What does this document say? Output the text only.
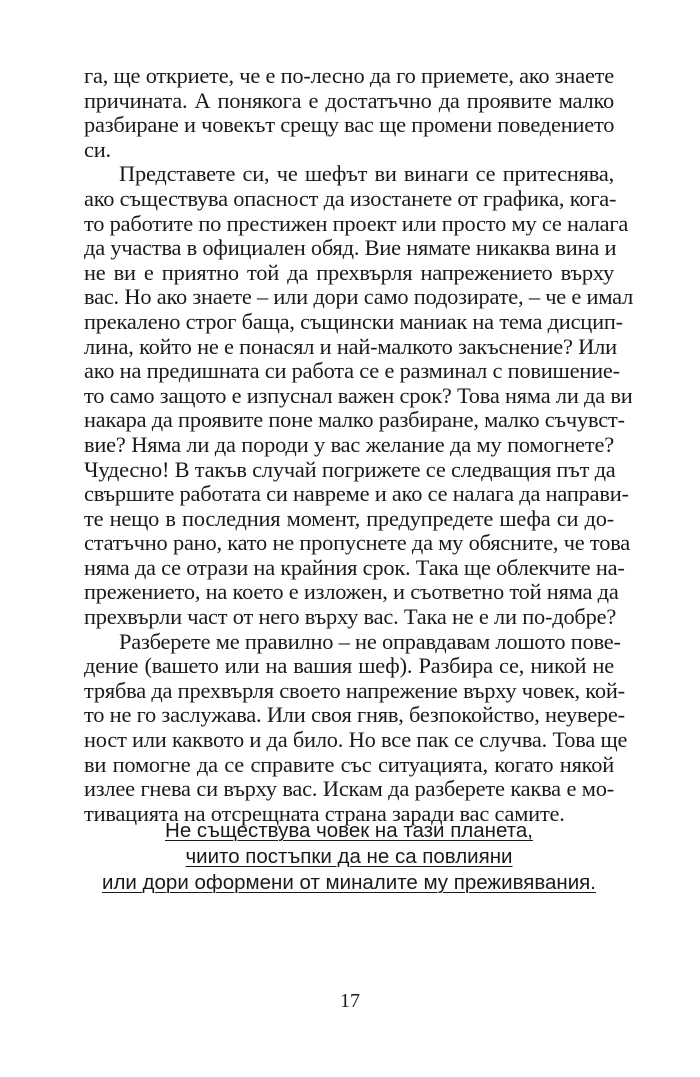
га, ще откриете, че е по-лесно да го приемете, ако знаете
причината. А понякога е достатъчно да проявите малко
разбиране и човекът срещу вас ще промени поведението
си.

Представете си, че шефът ви винаги се притеснява,
ако съществува опасност да изостанете от графика, кога-
то работите по престижен проект или просто му се налага
да участва в официален обяд. Вие нямате никаква вина и
не ви е приятно той да прехвърля напрежението върху
вас. Но ако знаете – или дори само подозирате, – че е имал
прекалено строг баща, същински маниак на тема дисцип-
лина, който не е понасял и най-малкото закъснение? Или
ако на предишната си работа се е разминал с повишение-
то само защото е изпуснал важен срок? Това няма ли да ви
накара да проявите поне малко разбиране, малко съчувст-
вие? Няма ли да породи у вас желание да му помогнете?
Чудесно! В такъв случай погрижете се следващия път да
свършите работата си навреме и ако се налага да направи-
те нещо в последния момент, предупредете шефа си до-
статъчно рано, като не пропуснете да му обясните, че това
няма да се отрази на крайния срок. Така ще облекчите на-
прежението, на което е изложен, и съответно той няма да
прехвърли част от него върху вас. Така не е ли по-добре?

Разберете ме правилно – не оправдавам лошото пове-
дение (вашето или на вашия шеф). Разбира се, никой не
трябва да прехвърля своето напрежение върху човек, кой-
то не го заслужава. Или своя гняв, безпокойство, неувере-
ност или каквото и да било. Но все пак се случва. Това ще
ви помогне да се справите със ситуацията, когато някой
излее гнева си върху вас. Искам да разберете каква е мо-
тивацията на отсрещната страна заради вас самите.

Не съществува човек на тази планета,
чиито постъпки да не са повлияни
или дори оформени от миналите му преживявания.
17
